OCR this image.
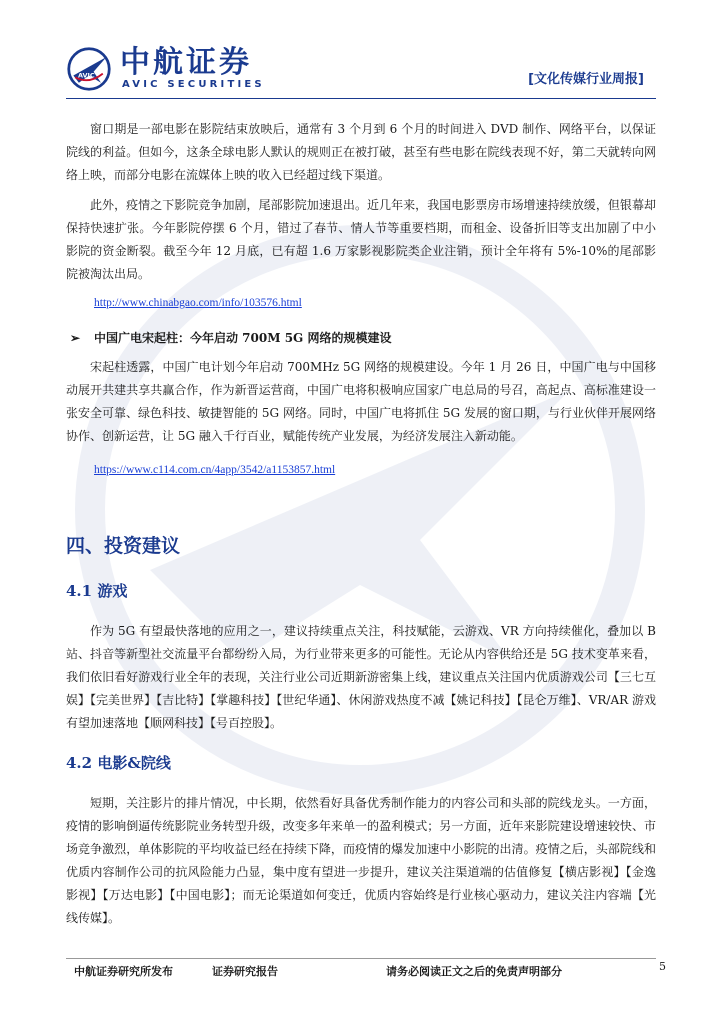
AVIC 中航证券
AVIC SECURITIES	[文化传媒行业周报]

窗口期是一部电影在影院结束放映后，通常有 3 个月到 6 个月的时间进入 DVD 制作、网络平台，以保证院线的利益。但如今，这条全球电影人默认的规则正在被打破，甚至有些电影在院线表现不好，第二天就转向网络上映，而部分电影在流媒体上映的收入已经超过线下渠道。

此外，疫情之下影院竞争加剧，尾部影院加速退出。近几年来，我国电影票房市场增速持续放缓，但银幕却保持快速扩张。今年影院停摆 6 个月，错过了春节、情人节等重要档期，而租金、设备折旧等支出加剧了中小影院的资金断裂。截至今年 12 月底，已有超 1.6 万家影视影院类企业注销，预计全年将有 5%-10%的尾部影院被淘汰出局。

http://www.chinabgao.com/info/103576.html
➢ 中国广电宋起柱：今年启动 700M 5G 网络的规模建设

宋起柱透露，中国广电计划今年启动 700MHz 5G 网络的规模建设。今年 1 月 26 日，中国广电与中国移动展开共建共享共赢合作，作为新晋运营商，中国广电将积极响应国家广电总局的号召，高起点、高标准建设一张安全可靠、绿色科技、敏捷智能的 5G 网络。同时，中国广电将抓住 5G 发展的窗口期，与行业伙伴开展网络协作、创新运营，让 5G 融入千行百业，赋能传统产业发展，为经济发展注入新动能。

https://www.c114.com.cn/4app/3542/a1153857.html
四、投资建议
4.1 游戏

作为 5G 有望最快落地的应用之一，建议持续重点关注，科技赋能，云游戏、VR 方向持续催化，叠加以 B 站、抖音等新型社交流量平台都纷纷入局，为行业带来更多的可能性。无论从内容供给还是 5G 技术变革来看，我们依旧看好游戏行业全年的表现，关注行业公司近期新游密集上线，建议重点关注国内优质游戏公司【三七互娱】【完美世界】【吉比特】【掌趣科技】【世纪华通】、休闲游戏热度不减【姚记科技】【昆仑万维】、VR/AR 游戏有望加速落地【顺网科技】【号百控股】。

4.2 电影&院线

短期，关注影片的排片情况，中长期，依然看好具备优秀制作能力的内容公司和头部的院线龙头。一方面，疫情的影响倒逼传统影院业务转型升级，改变多年来单一的盈利模式；另一方面，近年来影院建设增速较快、市场竞争激烈，单体影院的平均收益已经在持续下降，而疫情的爆发加速中小影院的出清。疫情之后，头部院线和优质内容制作公司的抗风险能力凸显，集中度有望进一步提升，建议关注渠道端的估值修复【横店影视】【金逸影视】【万达电影】【中国电影】；而无论渠道如何变迁，优质内容始终是行业核心驱动力，建议关注内容端【光线传媒】。

中航证券研究所发布	证券研究报告	请务必阅读正文之后的免责声明部分	5
